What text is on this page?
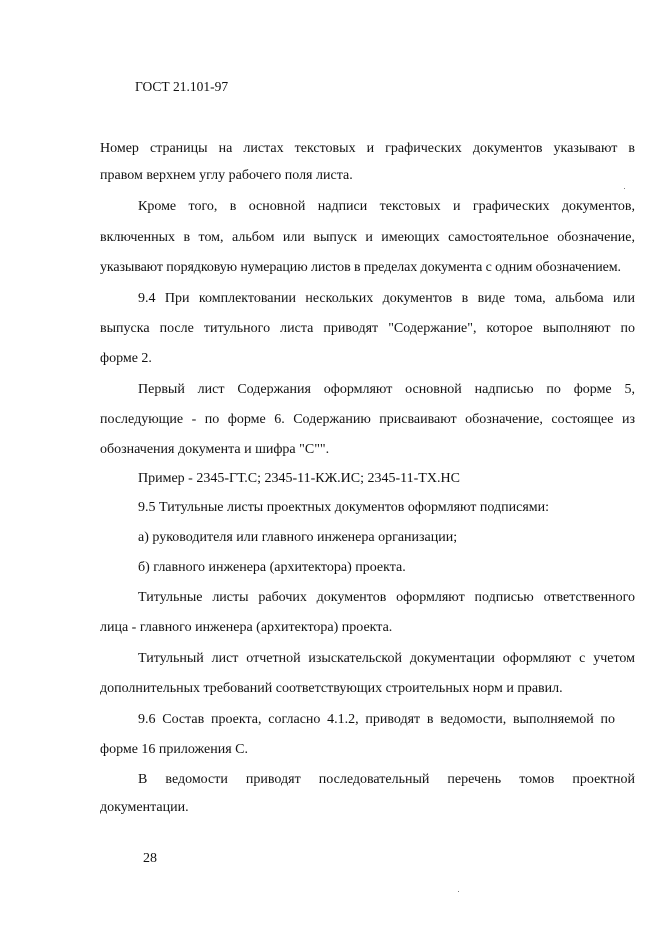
ГОСТ 21.101-97
Номер страницы на листах текстовых и графических документов указывают в
правом верхнем углу рабочего поля листа.
Кроме того, в основной надписи текстовых и графических документов,
включенных в том, альбом или выпуск и имеющих самостоятельное обозначение,
указывают порядковую нумерацию листов в пределах документа с одним обозначением.
9.4 При комплектовании нескольких документов в виде тома, альбома или
выпуска после титульного листа приводят "Содержание", которое выполняют по
форме 2.
Первый лист Содержания оформляют основной надписью по форме 5,
последующие - по форме 6. Содержанию присваивают обозначение, состоящее из
обозначения документа и шифра "С"".
Пример - 2345-ГТ.С; 2345-11-КЖ.ИС; 2345-11-ТХ.НС
9.5 Титульные листы проектных документов оформляют подписями:
а) руководителя или главного инженера организации;
б) главного инженера (архитектора) проекта.
Титульные листы рабочих документов оформляют подписью ответственного
лица - главного инженера (архитектора) проекта.
Титульный лист отчетной изыскательской документации оформляют с учетом
дополнительных требований соответствующих строительных норм и правил.
9.6 Состав проекта, согласно 4.1.2, приводят в ведомости, выполняемой по
форме 16 приложения С.
В ведомости приводят последовательный перечень томов проектной
документации.
28
